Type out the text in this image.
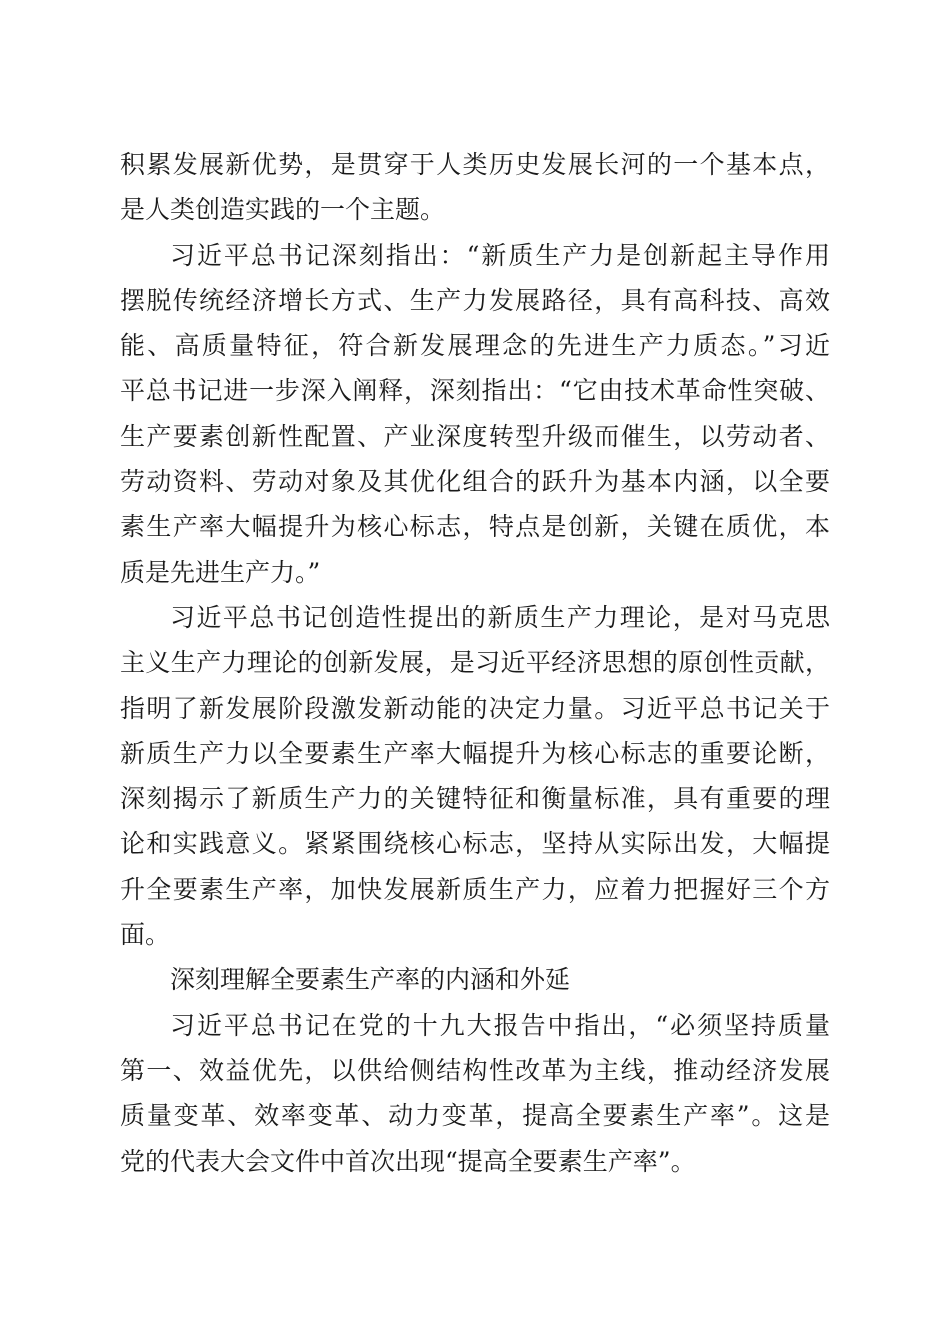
积累发展新优势，是贯穿于人类历史发展长河的一个基本点，
是人类创造实践的一个主题。
习近平总书记深刻指出：“新质生产力是创新起主导作用
摆脱传统经济增长方式、生产力发展路径，具有高科技、高效
能、高质量特征，符合新发展理念的先进生产力质态。”习近
平总书记进一步深入阐释，深刻指出：“它由技术革命性突破、
生产要素创新性配置、产业深度转型升级而催生，以劳动者、
劳动资料、劳动对象及其优化组合的跃升为基本内涵，以全要
素生产率大幅提升为核心标志，特点是创新，关键在质优，本
质是先进生产力。”
习近平总书记创造性提出的新质生产力理论，是对马克思
主义生产力理论的创新发展，是习近平经济思想的原创性贡献，
指明了新发展阶段激发新动能的决定力量。习近平总书记关于
新质生产力以全要素生产率大幅提升为核心标志的重要论断，
深刻揭示了新质生产力的关键特征和衡量标准，具有重要的理
论和实践意义。紧紧围绕核心标志，坚持从实际出发，大幅提
升全要素生产率，加快发展新质生产力，应着力把握好三个方
面。
深刻理解全要素生产率的内涵和外延
习近平总书记在党的十九大报告中指出，“必须坚持质量
第一、效益优先，以供给侧结构性改革为主线，推动经济发展
质量变革、效率变革、动力变革，提高全要素生产率”。这是
党的代表大会文件中首次出现“提高全要素生产率”。
